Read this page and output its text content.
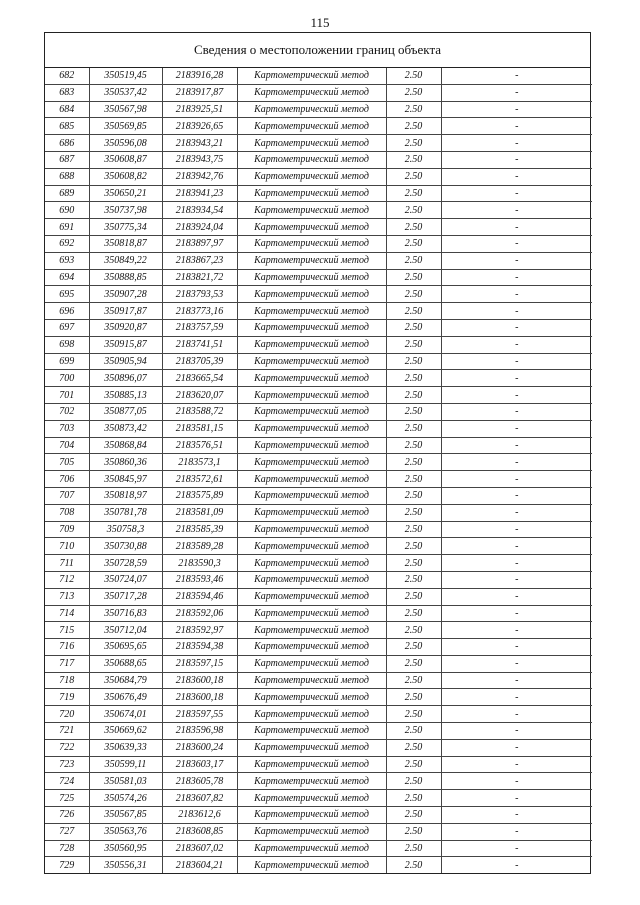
115
Сведения о местоположении границ объекта
682	350519,45	2183916,28	Картометрический метод	2.50	-
683	350537,42	2183917,87	Картометрический метод	2.50	-
684	350567,98	2183925,51	Картометрический метод	2.50	-
685	350569,85	2183926,65	Картометрический метод	2.50	-
686	350596,08	2183943,21	Картометрический метод	2.50	-
687	350608,87	2183943,75	Картометрический метод	2.50	-
688	350608,82	2183942,76	Картометрический метод	2.50	-
689	350650,21	2183941,23	Картометрический метод	2.50	-
690	350737,98	2183934,54	Картометрический метод	2.50	-
691	350775,34	2183924,04	Картометрический метод	2.50	-
692	350818,87	2183897,97	Картометрический метод	2.50	-
693	350849,22	2183867,23	Картометрический метод	2.50	-
694	350888,85	2183821,72	Картометрический метод	2.50	-
695	350907,28	2183793,53	Картометрический метод	2.50	-
696	350917,87	2183773,16	Картометрический метод	2.50	-
697	350920,87	2183757,59	Картометрический метод	2.50	-
698	350915,87	2183741,51	Картометрический метод	2.50	-
699	350905,94	2183705,39	Картометрический метод	2.50	-
700	350896,07	2183665,54	Картометрический метод	2.50	-
701	350885,13	2183620,07	Картометрический метод	2.50	-
702	350877,05	2183588,72	Картометрический метод	2.50	-
703	350873,42	2183581,15	Картометрический метод	2.50	-
704	350868,84	2183576,51	Картометрический метод	2.50	-
705	350860,36	2183573,1	Картометрический метод	2.50	-
706	350845,97	2183572,61	Картометрический метод	2.50	-
707	350818,97	2183575,89	Картометрический метод	2.50	-
708	350781,78	2183581,09	Картометрический метод	2.50	-
709	350758,3	2183585,39	Картометрический метод	2.50	-
710	350730,88	2183589,28	Картометрический метод	2.50	-
711	350728,59	2183590,3	Картометрический метод	2.50	-
712	350724,07	2183593,46	Картометрический метод	2.50	-
713	350717,28	2183594,46	Картометрический метод	2.50	-
714	350716,83	2183592,06	Картометрический метод	2.50	-
715	350712,04	2183592,97	Картометрический метод	2.50	-
716	350695,65	2183594,38	Картометрический метод	2.50	-
717	350688,65	2183597,15	Картометрический метод	2.50	-
718	350684,79	2183600,18	Картометрический метод	2.50	-
719	350676,49	2183600,18	Картометрический метод	2.50	-
720	350674,01	2183597,55	Картометрический метод	2.50	-
721	350669,62	2183596,98	Картометрический метод	2.50	-
722	350639,33	2183600,24	Картометрический метод	2.50	-
723	350599,11	2183603,17	Картометрический метод	2.50	-
724	350581,03	2183605,78	Картометрический метод	2.50	-
725	350574,26	2183607,82	Картометрический метод	2.50	-
726	350567,85	2183612,6	Картометрический метод	2.50	-
727	350563,76	2183608,85	Картометрический метод	2.50	-
728	350560,95	2183607,02	Картометрический метод	2.50	-
729	350556,31	2183604,21	Картометрический метод	2.50	-
